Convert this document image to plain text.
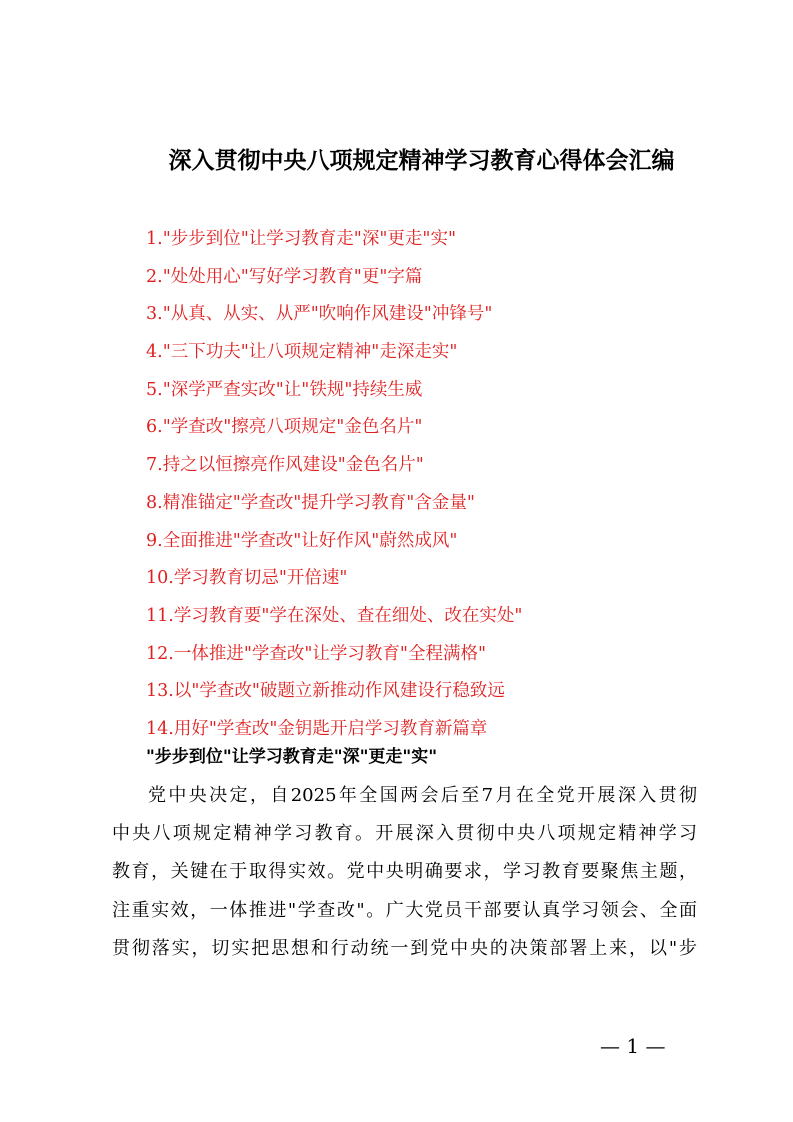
深入贯彻中央八项规定精神学习教育心得体会汇编
1."步步到位"让学习教育走"深"更走"实"
2."处处用心"写好学习教育"更"字篇
3."从真、从实、从严"吹响作风建设"冲锋号"
4."三下功夫"让八项规定精神"走深走实"
5."深学严查实改"让"铁规"持续生威
6."学查改"擦亮八项规定"金色名片"
7.持之以恒擦亮作风建设"金色名片"
8.精准锚定"学查改"提升学习教育"含金量"
9.全面推进"学查改"让好作风"蔚然成风"
10.学习教育切忌"开倍速"
11.学习教育要"学在深处、查在细处、改在实处"
12.一体推进"学查改"让学习教育"全程满格"
13.以"学查改"破题立新推动作风建设行稳致远
14.用好"学查改"金钥匙开启学习教育新篇章
"步步到位"让学习教育走"深"更走"实"
党中央决定，自2025年全国两会后至7月在全党开展深入贯彻
中央八项规定精神学习教育。开展深入贯彻中央八项规定精神学习
教育，关键在于取得实效。党中央明确要求，学习教育要聚焦主题，
注重实效，一体推进"学查改"。广大党员干部要认真学习领会、全面
贯彻落实，切实把思想和行动统一到党中央的决策部署上来，以"步
— 1 —
